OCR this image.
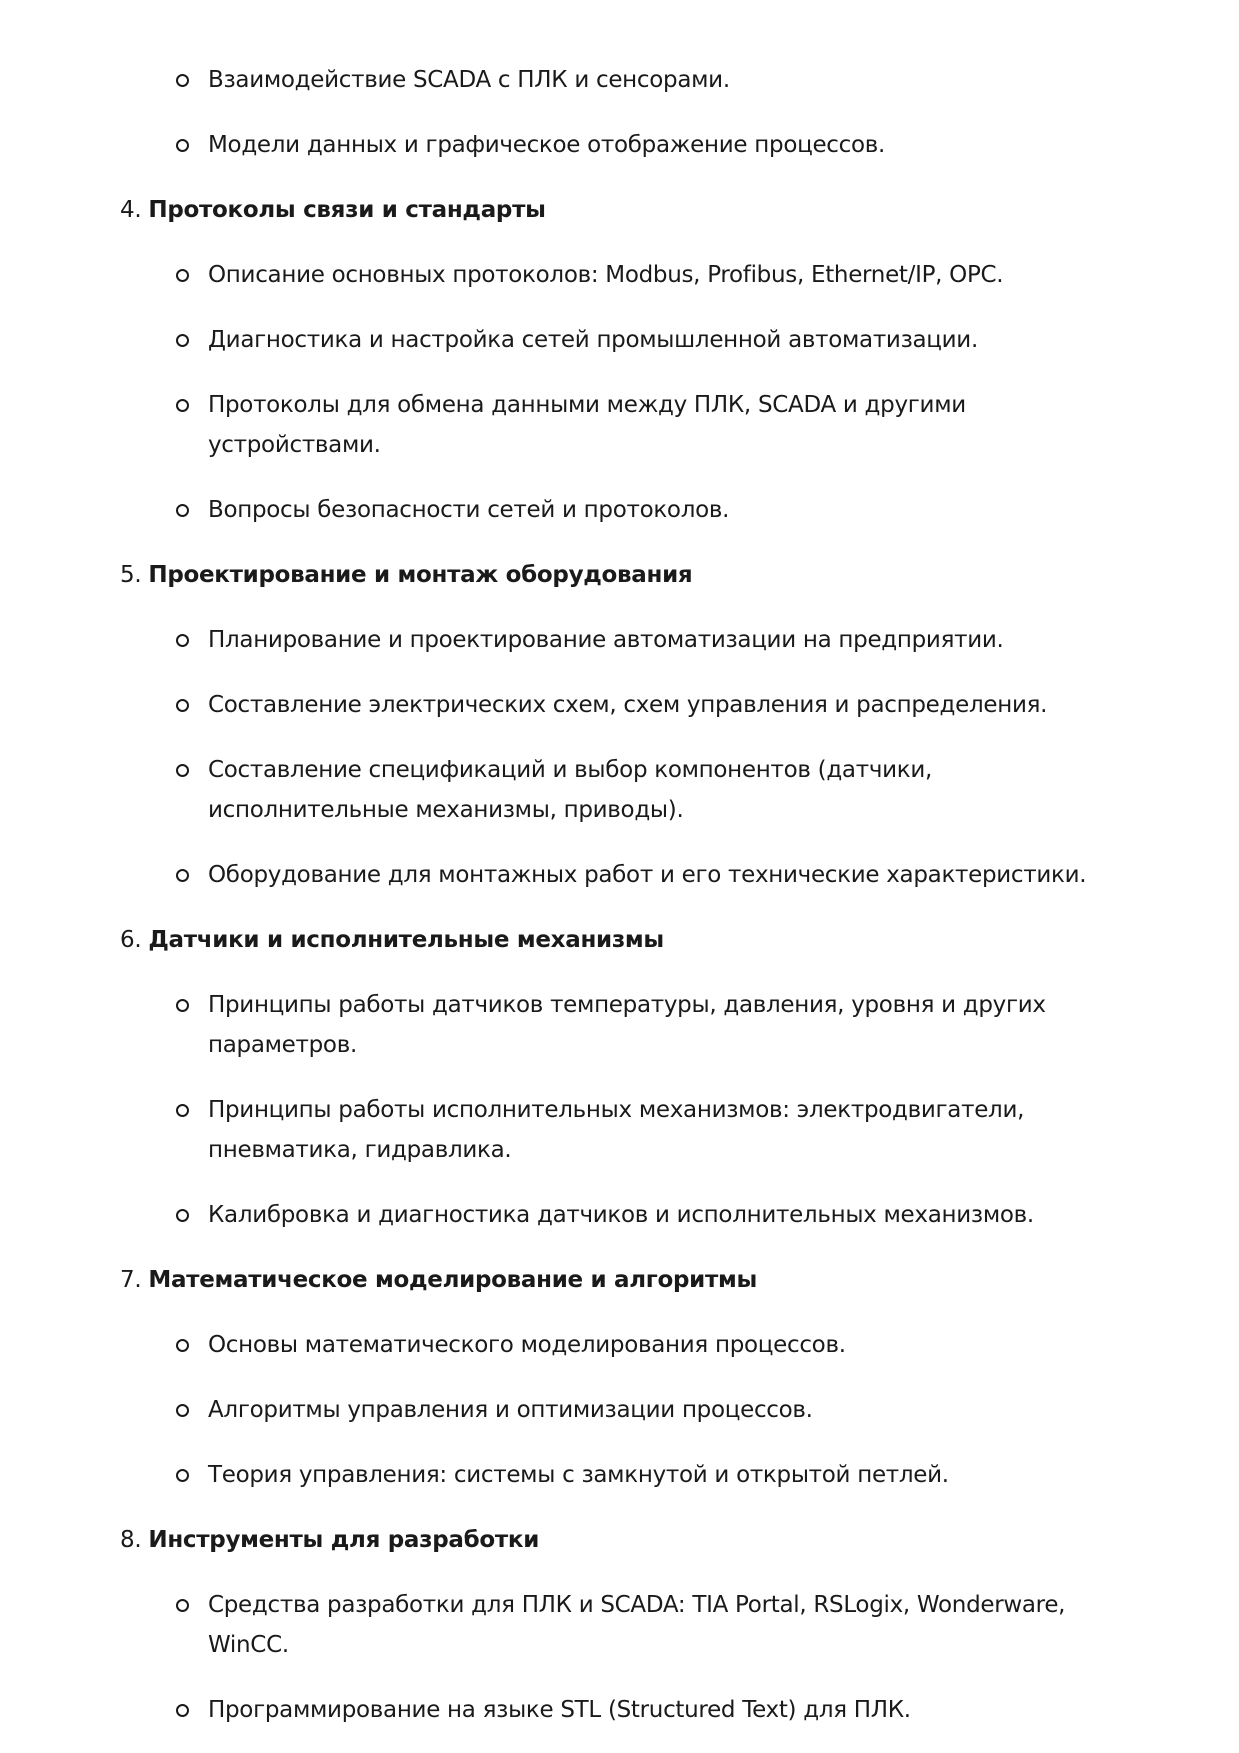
Взаимодействие SCADA с ПЛК и сенсорами.
Модели данных и графическое отображение процессов.
4. Протоколы связи и стандарты
Описание основных протоколов: Modbus, Profibus, Ethernet/IP, OPC.
Диагностика и настройка сетей промышленной автоматизации.
Протоколы для обмена данными между ПЛК, SCADA и другими устройствами.
Вопросы безопасности сетей и протоколов.
5. Проектирование и монтаж оборудования
Планирование и проектирование автоматизации на предприятии.
Составление электрических схем, схем управления и распределения.
Составление спецификаций и выбор компонентов (датчики, исполнительные механизмы, приводы).
Оборудование для монтажных работ и его технические характеристики.
6. Датчики и исполнительные механизмы
Принципы работы датчиков температуры, давления, уровня и других параметров.
Принципы работы исполнительных механизмов: электродвигатели, пневматика, гидравлика.
Калибровка и диагностика датчиков и исполнительных механизмов.
7. Математическое моделирование и алгоритмы
Основы математического моделирования процессов.
Алгоритмы управления и оптимизации процессов.
Теория управления: системы с замкнутой и открытой петлей.
8. Инструменты для разработки
Средства разработки для ПЛК и SCADA: TIA Portal, RSLogix, Wonderware, WinCC.
Программирование на языке STL (Structured Text) для ПЛК.
